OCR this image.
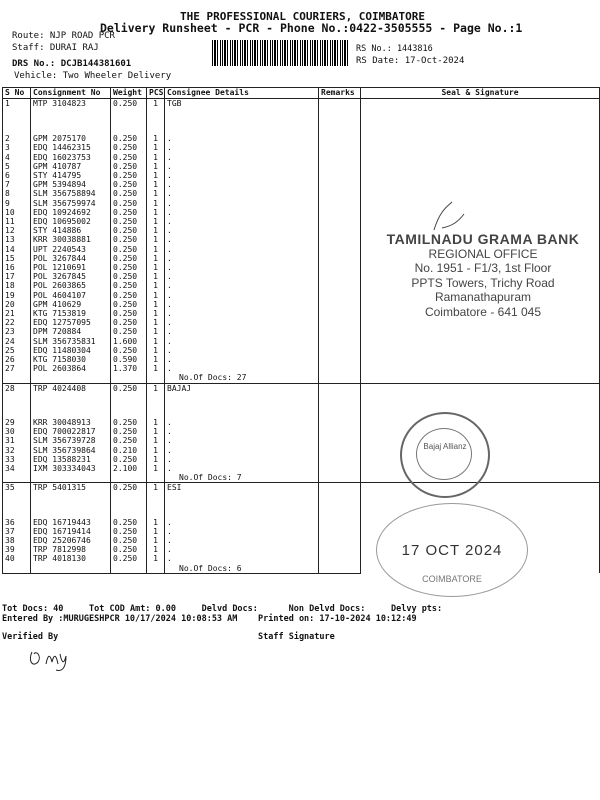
THE PROFESSIONAL COURIERS, COIMBATORE
Delivery Runsheet - PCR - Phone No.:0422-3505555 - Page No.:1
Route: NJP ROAD PCR
Staff: DURAI RAJ
DRS No.: DCJB144381601
Vehicle: Two Wheeler Delivery
RS No.: 1443816
RS Date: 17-Oct-2024
S No	Consignment No	Weight	PCS	Consignee Details	Remarks	Seal & Signature
1	MTP 3104823	0.250	1	TGB		

2	GPM 2075170	0.250	1	.		
3	EDQ 14462315	0.250	1	.		
4	EDQ 16023753	0.250	1	.		
5	GPM 410787	0.250	1	.		
6	STY 414795	0.250	1	.		
7	GPM 5394894	0.250	1	.		
8	SLM 356758894	0.250	1	.		
9	SLM 356759974	0.250	1	.		
10	EDQ 10924692	0.250	1	.		
11	EDQ 10695002	0.250	1	.		
12	STY 414886	0.250	1	.		
13	KRR 30038881	0.250	1	.		
14	UPT 2240543	0.250	1	.		
15	POL 3267844	0.250	1	.		
16	POL 1210691	0.250	1	.		
17	POL 3267845	0.250	1	.		
18	POL 2603865	0.250	1	.		
19	POL 4604107	0.250	1	.		
20	GPM 410629	0.250	1	.		
21	KTG 7153819	0.250	1	.		
22	EDQ 12757095	0.250	1	.		
23	DPM 720884	0.250	1	.		
24	SLM 356735831	1.600	1	.		
25	EDQ 11480304	0.250	1	.		
26	KTG 7158030	0.590	1	.		
27	POL 2603864	1.370	1	.		
				No.Of Docs: 27		
28	TRP 4024408	0.250	1	BAJAJ		

29	KRR 30048913	0.250	1	.		
30	EDQ 700022817	0.250	1	.		
31	SLM 356739728	0.250	1	.		
32	SLM 356739864	0.210	1	.		
33	EDQ 13588231	0.250	1	.		
34	IXM 303334043	2.100	1	.		
				No.Of Docs: 7		
35	TRP 5401315	0.250	1	ESI		

36	EDQ 16719443	0.250	1	.		
37	EDQ 16719414	0.250	1	.		
38	EDQ 25206746	0.250	1	.		
39	TRP 7812998	0.250	1	.		
40	TRP 4018130	0.250	1	.		
				No.Of Docs: 6		
TAMILNADU GRAMA BANK
REGIONAL OFFICE
No. 1951 - F1/3, 1st Floor
PPTS Towers, Trichy Road
Ramanathapuram
Coimbatore - 641 045
Bajaj Allianz
17 OCT 2024
COIMBATORE
Tot Docs: 40	Tot COD Amt: 0.00	Delvd Docs:	Non Delvd Docs:	Delvy pts:
Entered By :MURUGESHPCR 10/17/2024 10:08:53 AM Printed on: 17-10-2024 10:12:49
Verified By	Staff Signature
